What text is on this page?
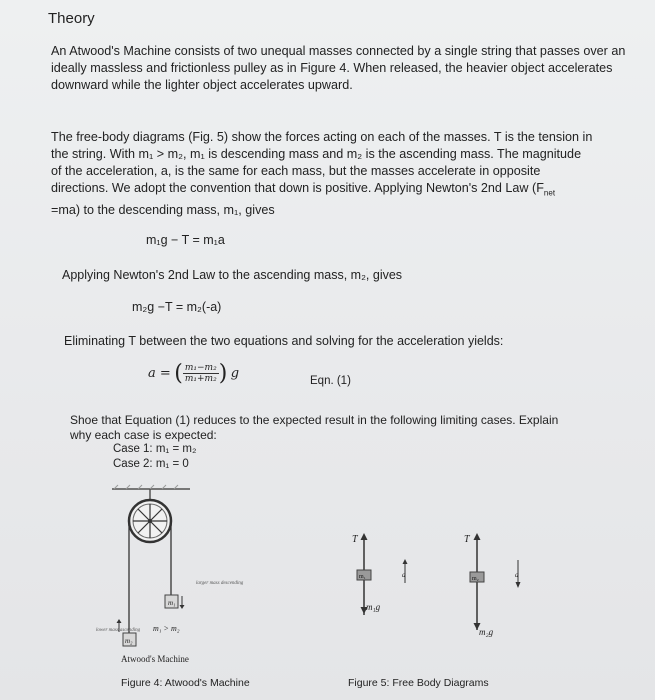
Theory
An Atwood's Machine consists of two unequal masses connected by a single string that passes over an ideally massless and frictionless pulley as in Figure 4. When released, the heavier object accelerates downward while the lighter object accelerates upward.
The free-body diagrams (Fig. 5) show the forces acting on each of the masses. T is the tension in
the string. With m₁ > m₂, m₁ is descending mass and m₂ is the ascending mass. The magnitude
of the acceleration, a, is the same for each mass, but the masses accelerate in opposite
directions. We adopt the convention that down is positive. Applying Newton's 2nd Law ($F_{net}$
=ma) to the descending mass, m₁, gives
m₁g − T = m₁a
Applying Newton's 2nd Law to the ascending mass, m₂, gives
m₂g −T = m₂(-a)
Eliminating T between the two equations and solving for the acceleration yields:
a = ( $\frac{\text{m₁−m₂}}{\text{m₁+m₂}}$ ) g
Eqn. (1)
Shoe that Equation (1) reduces to the expected result in the following limiting cases. Explain
why each case is expected:
Case 1: m₁ = m₂
Case 2: m₁ = 0
m₁
larger mass descending
m₂
lower mass ascending m₁ > m₂
Atwood's Machine
Figure 4: Atwood's Machine
T
m₁
m₁g
a
T
m₂
m₂g
a
Figure 5: Free Body Diagrams
